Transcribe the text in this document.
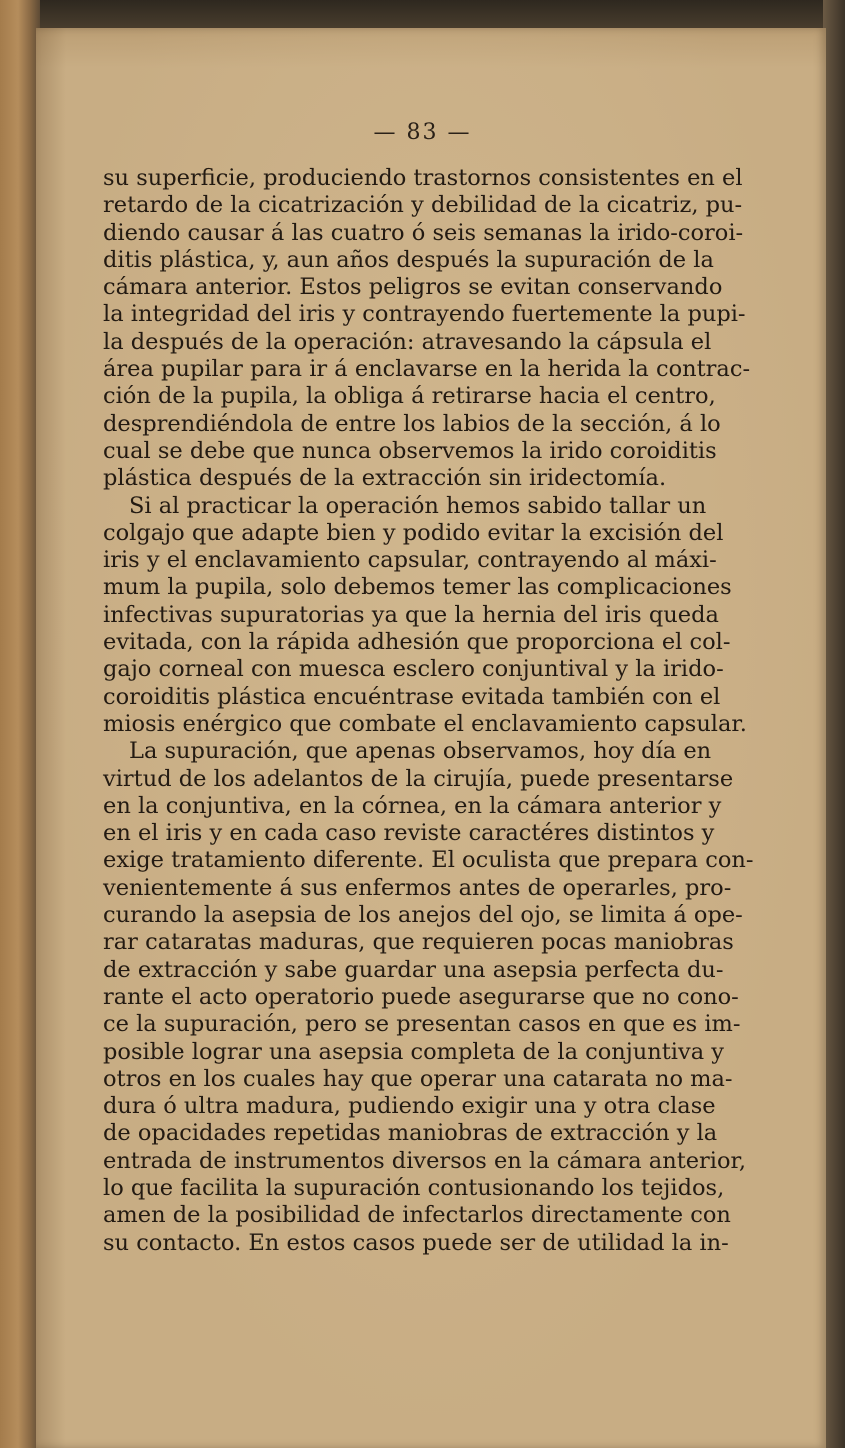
— 83 —
su superficie, produciendo trastornos consistentes en el
retardo de la cicatrización y debilidad de la cicatriz, pu-
diendo causar á las cuatro ó seis semanas la irido-coroi-
ditis plástica, y, aun años después la supuración de la
cámara anterior. Estos peligros se evitan conservando
la integridad del iris y contrayendo fuertemente la pupi-
la después de la operación: atravesando la cápsula el
área pupilar para ir á enclavarse en la herida la contrac-
ción de la pupila, la obliga á retirarse hacia el centro,
desprendiéndola de entre los labios de la sección, á lo
cual se debe que nunca observemos la irido coroiditis
plástica después de la extracción sin iridectomía.
Si al practicar la operación hemos sabido tallar un
colgajo que adapte bien y podido evitar la excisión del
iris y el enclavamiento capsular, contrayendo al máxi-
mum la pupila, solo debemos temer las complicaciones
infectivas supuratorias ya que la hernia del iris queda
evitada, con la rápida adhesión que proporciona el col-
gajo corneal con muesca esclero conjuntival y la irido-
coroiditis plástica encuéntrase evitada también con el
miosis enérgico que combate el enclavamiento capsular.
La supuración, que apenas observamos, hoy día en
virtud de los adelantos de la cirujía, puede presentarse
en la conjuntiva, en la córnea, en la cámara anterior y
en el iris y en cada caso reviste caractéres distintos y
exige tratamiento diferente. El oculista que prepara con-
venientemente á sus enfermos antes de operarles, pro-
curando la asepsia de los anejos del ojo, se limita á ope-
rar cataratas maduras, que requieren pocas maniobras
de extracción y sabe guardar una asepsia perfecta du-
rante el acto operatorio puede asegurarse que no cono-
ce la supuración, pero se presentan casos en que es im-
posible lograr una asepsia completa de la conjuntiva y
otros en los cuales hay que operar una catarata no ma-
dura ó ultra madura, pudiendo exigir una y otra clase
de opacidades repetidas maniobras de extracción y la
entrada de instrumentos diversos en la cámara anterior,
lo que facilita la supuración contusionando los tejidos,
amen de la posibilidad de infectarlos directamente con
su contacto. En estos casos puede ser de utilidad la in-
